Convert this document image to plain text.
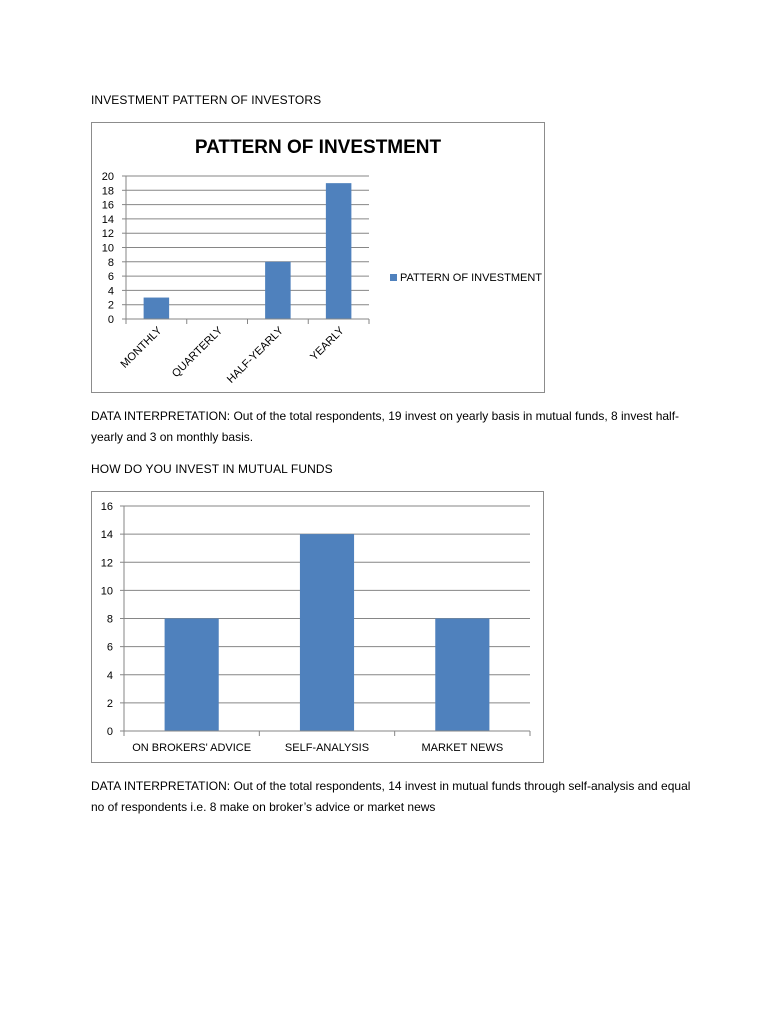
INVESTMENT PATTERN OF INVESTORS
PATTERN OF INVESTMENT
0
2
4
6
8
10
12
14
16
18
20
MONTHLY QUARTERLY HALF-YEARLY YEARLY
PATTERN OF INVESTMENT
DATA INTERPRETATION: Out of the total respondents, 19 invest on yearly basis in mutual funds, 8 invest half-yearly and 3 on monthly basis.
HOW DO YOU INVEST IN MUTUAL FUNDS
0
2
4
6
8
10
12
14
16
ON BROKERS' ADVICE	SELF-ANALYSIS	MARKET NEWS
DATA INTERPRETATION: Out of the total respondents, 14 invest in mutual funds through self-analysis and equal no of respondents i.e. 8 make on broker’s advice or market news
